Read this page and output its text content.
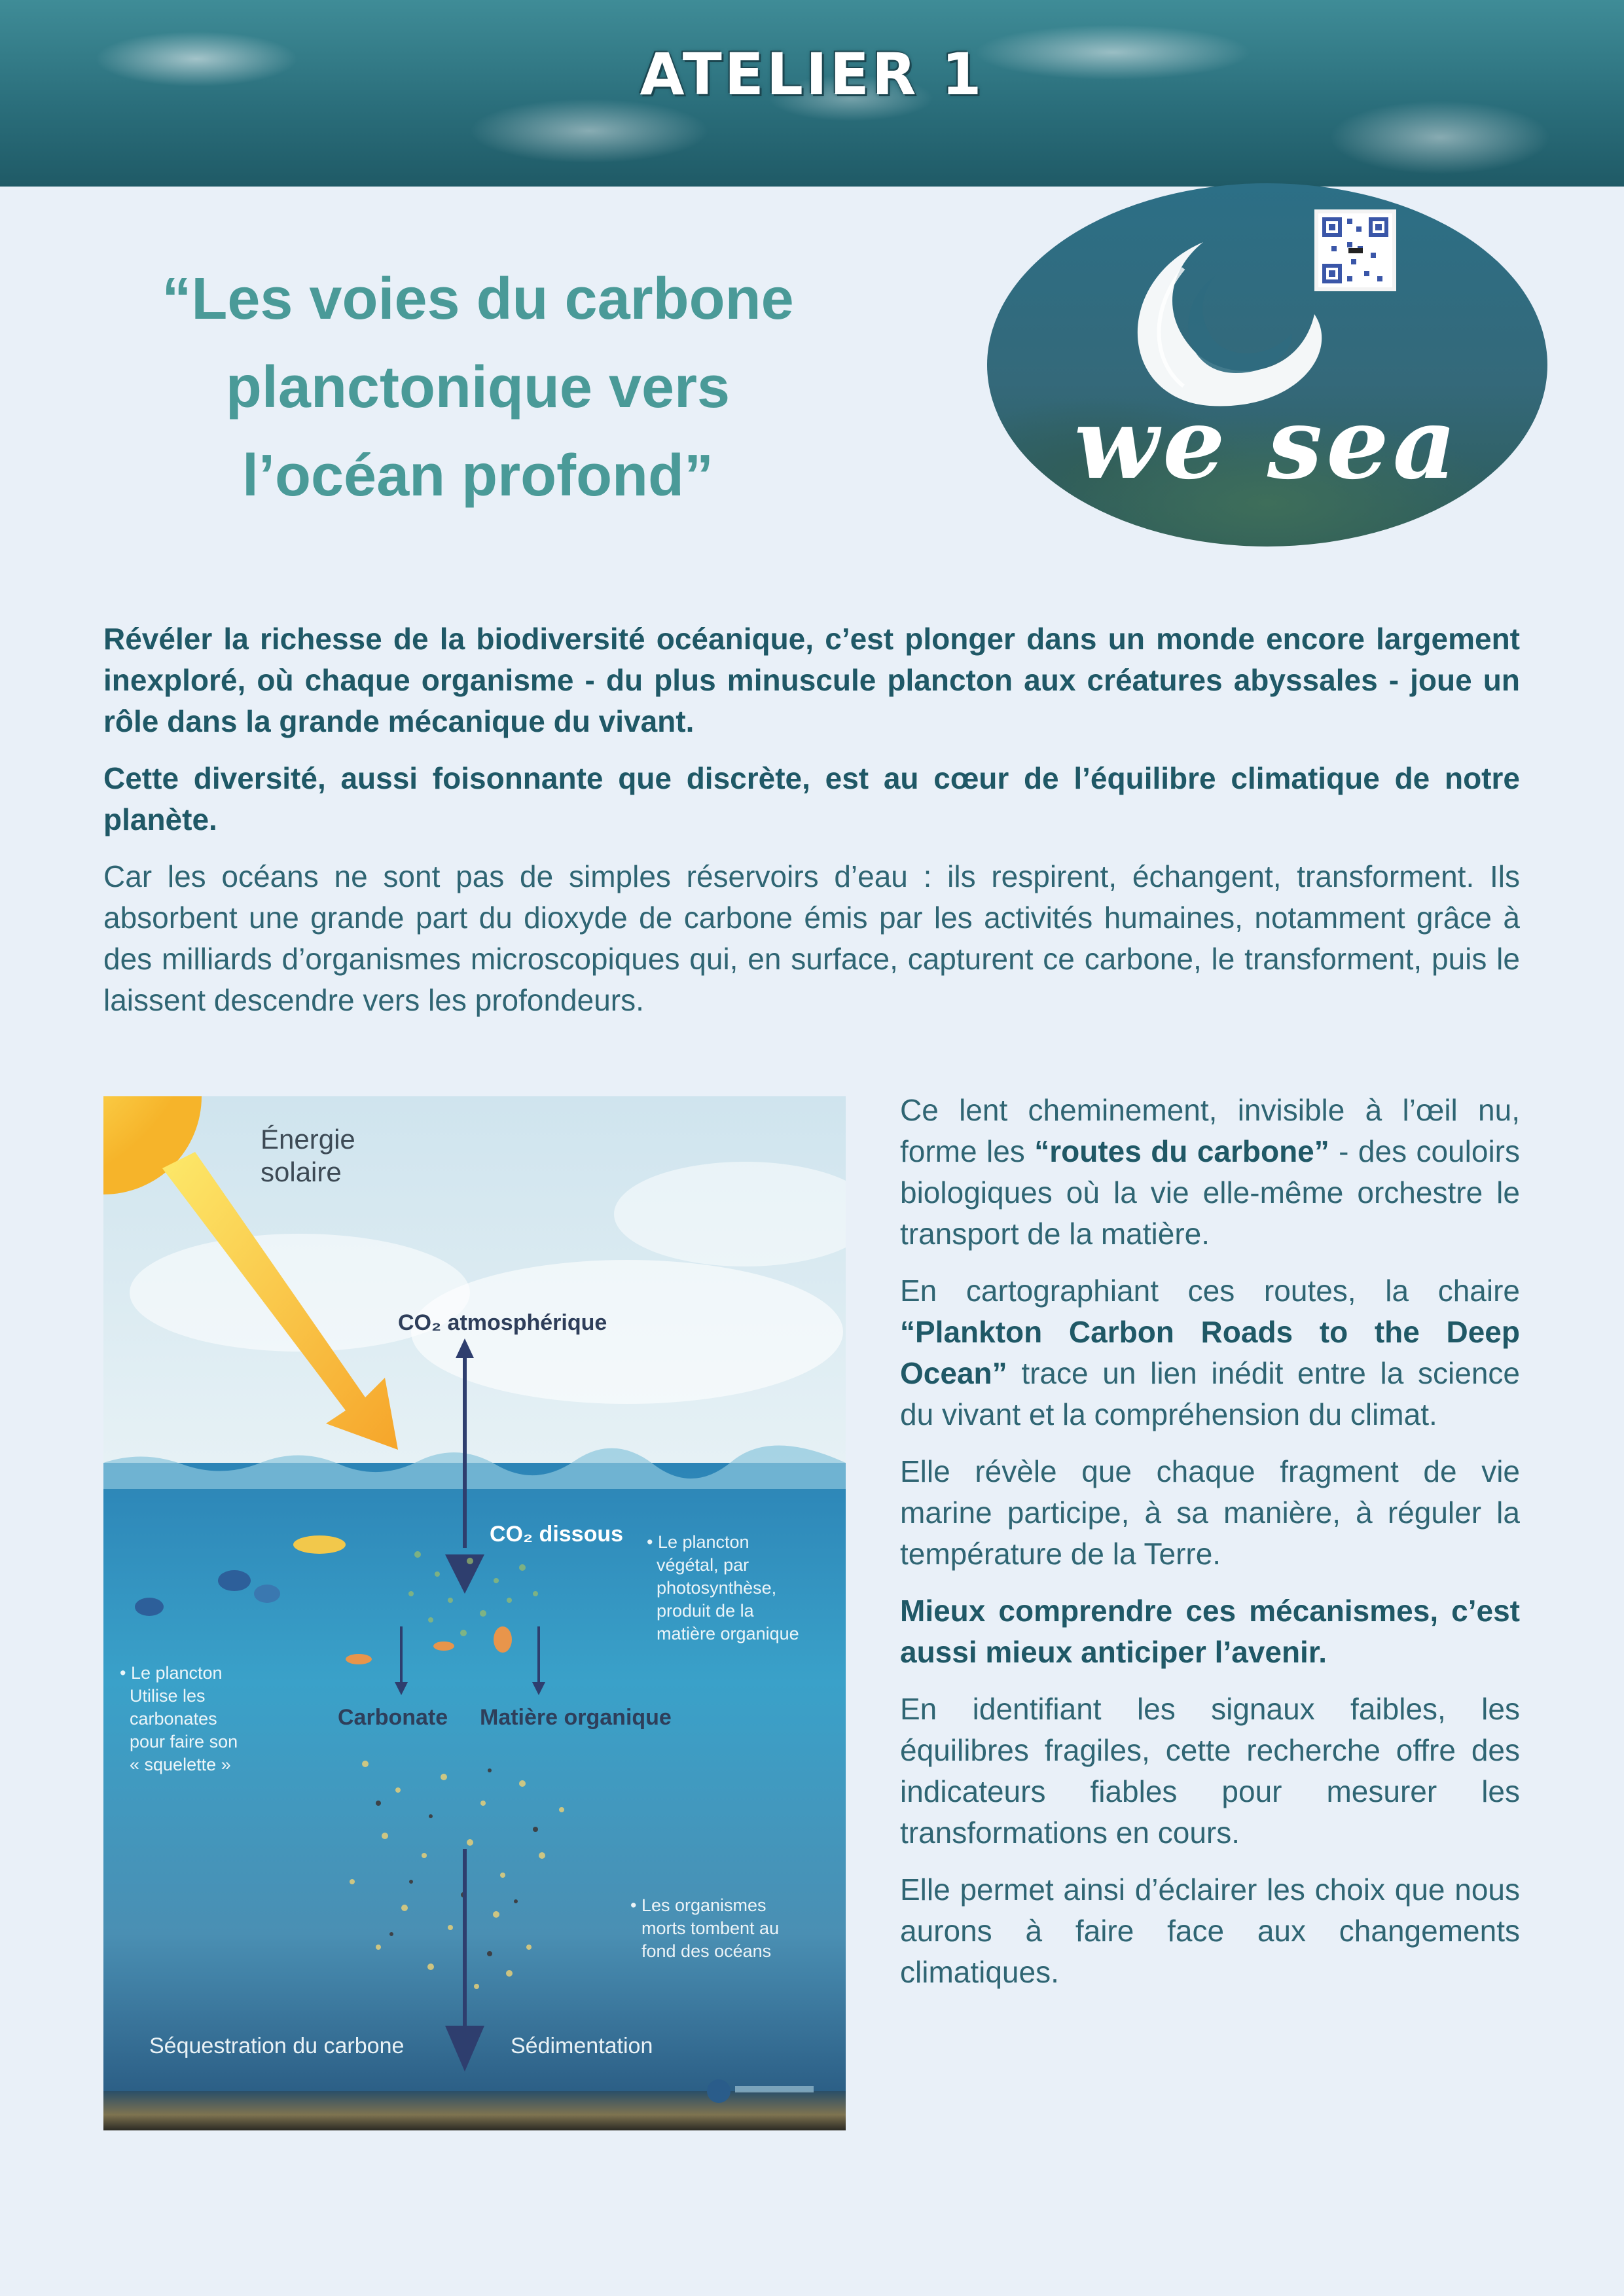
ATELIER 1
“Les voies du carbone
planctonique vers
l’océan profond”	we sea

Révéler la richesse de la biodiversité océanique, c’est plonger dans un monde encore largement inexploré, où chaque organisme - du plus minuscule plancton aux créatures abyssales - joue un rôle dans la grande mécanique du vivant.

Cette diversité, aussi foisonnante que discrète, est au cœur de l’équilibre climatique de notre planète.

Car les océans ne sont pas de simples réservoirs d’eau : ils respirent, échangent, transforment. Ils absorbent une grande part du dioxyde de carbone émis par les activités humaines, notamment grâce à des milliards d’organismes microscopiques qui, en surface, capturent ce carbone, le transforment, puis le laissent descendre vers les profondeurs.

Énergie
solaire
CO₂ atmosphérique
CO₂ dissous • Le plancton
végétal, par
photosynthèse,
produit de la
matière organique
• Le plancton
Utilise les
carbonates
pour faire son
« squelette »
Carbonate Matière organique
• Les organismes
morts tombent au
fond des océans
Séquestration du carbone	Sédimentation

Ce lent cheminement, invisible à l’œil nu, forme les “routes du carbone” - des couloirs biologiques où la vie elle-même orchestre le transport de la matière.

En cartographiant ces routes, la chaire “Plankton Carbon Roads to the Deep Ocean” trace un lien inédit entre la science du vivant et la compréhension du climat.

Elle révèle que chaque fragment de vie marine participe, à sa manière, à réguler la température de la Terre.

Mieux comprendre ces mécanismes, c’est aussi mieux anticiper l’avenir.

En identifiant les signaux faibles, les équilibres fragiles, cette recherche offre des indicateurs fiables pour mesurer les transformations en cours.

Elle permet ainsi d’éclairer les choix que nous aurons à faire face aux changements climatiques.
